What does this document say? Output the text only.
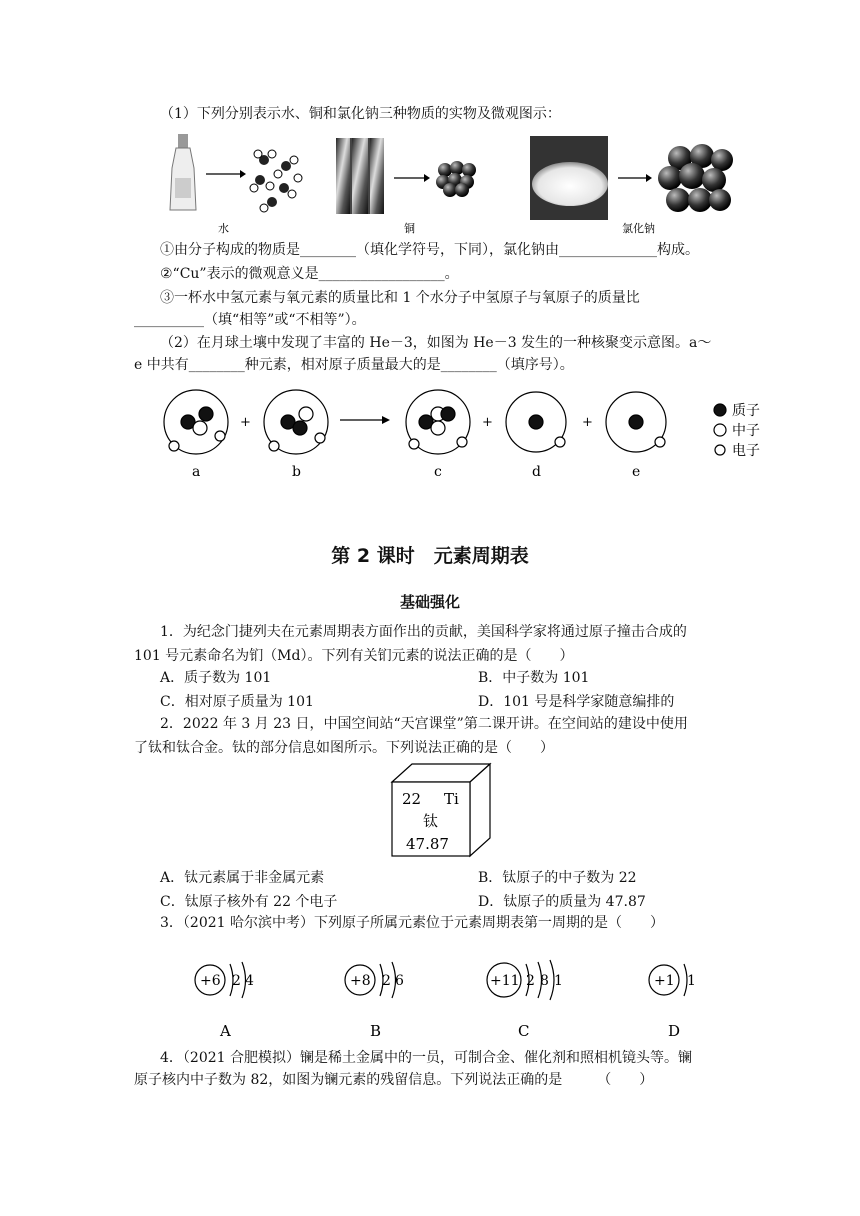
（1）下列分别表示水、铜和氯化钠三种物质的实物及微观图示：
水	铜	氯化钠
①由分子构成的物质是________（填化学符号，下同），氯化钠由______________构成。
②“Cu”表示的微观意义是__________________。
③一杯水中氢元素与氧元素的质量比和 1 个水分子中氢原子与氧原子的质量比
__________（填“相等”或“不相等”）。
（2）在月球土壤中发现了丰富的 He－3，如图为 He－3 发生的一种核聚变示意图。a～
e 中共有________种元素，相对原子质量最大的是________（填序号）。
+	+	+
a	b	c	d	e
质子
中子
电子
第 2 课时　元素周期表
基础强化
1．为纪念门捷列夫在元素周期表方面作出的贡献，美国科学家将通过原子撞击合成的
101 号元素命名为钔（Md）。下列有关钔元素的说法正确的是（　　）
A．质子数为 101	B．中子数为 101
C．相对原子质量为 101	D．101 号是科学家随意编排的
2．2022 年 3 月 23 日，中国空间站“天宫课堂”第二课开讲。在空间站的建设中使用
了钛和钛合金。钛的部分信息如图所示。下列说法正确的是（　　）
22 Ti
钛
47.87
A．钛元素属于非金属元素	B．钛原子的中子数为 22
C．钛原子核外有 22 个电子	D．钛原子的质量为 47.87
3．（2021 哈尔滨中考）下列原子所属元素位于元素周期表第一周期的是（　　）
+6 2 4	+8 2 6	+11 2 8 1	+1 1
A	B	C	D
4．（2021 合肥模拟）镧是稀土金属中的一员，可制合金、催化剂和照相机镜头等。镧
原子核内中子数为 82，如图为镧元素的残留信息。下列说法正确的是　　　（　　）
